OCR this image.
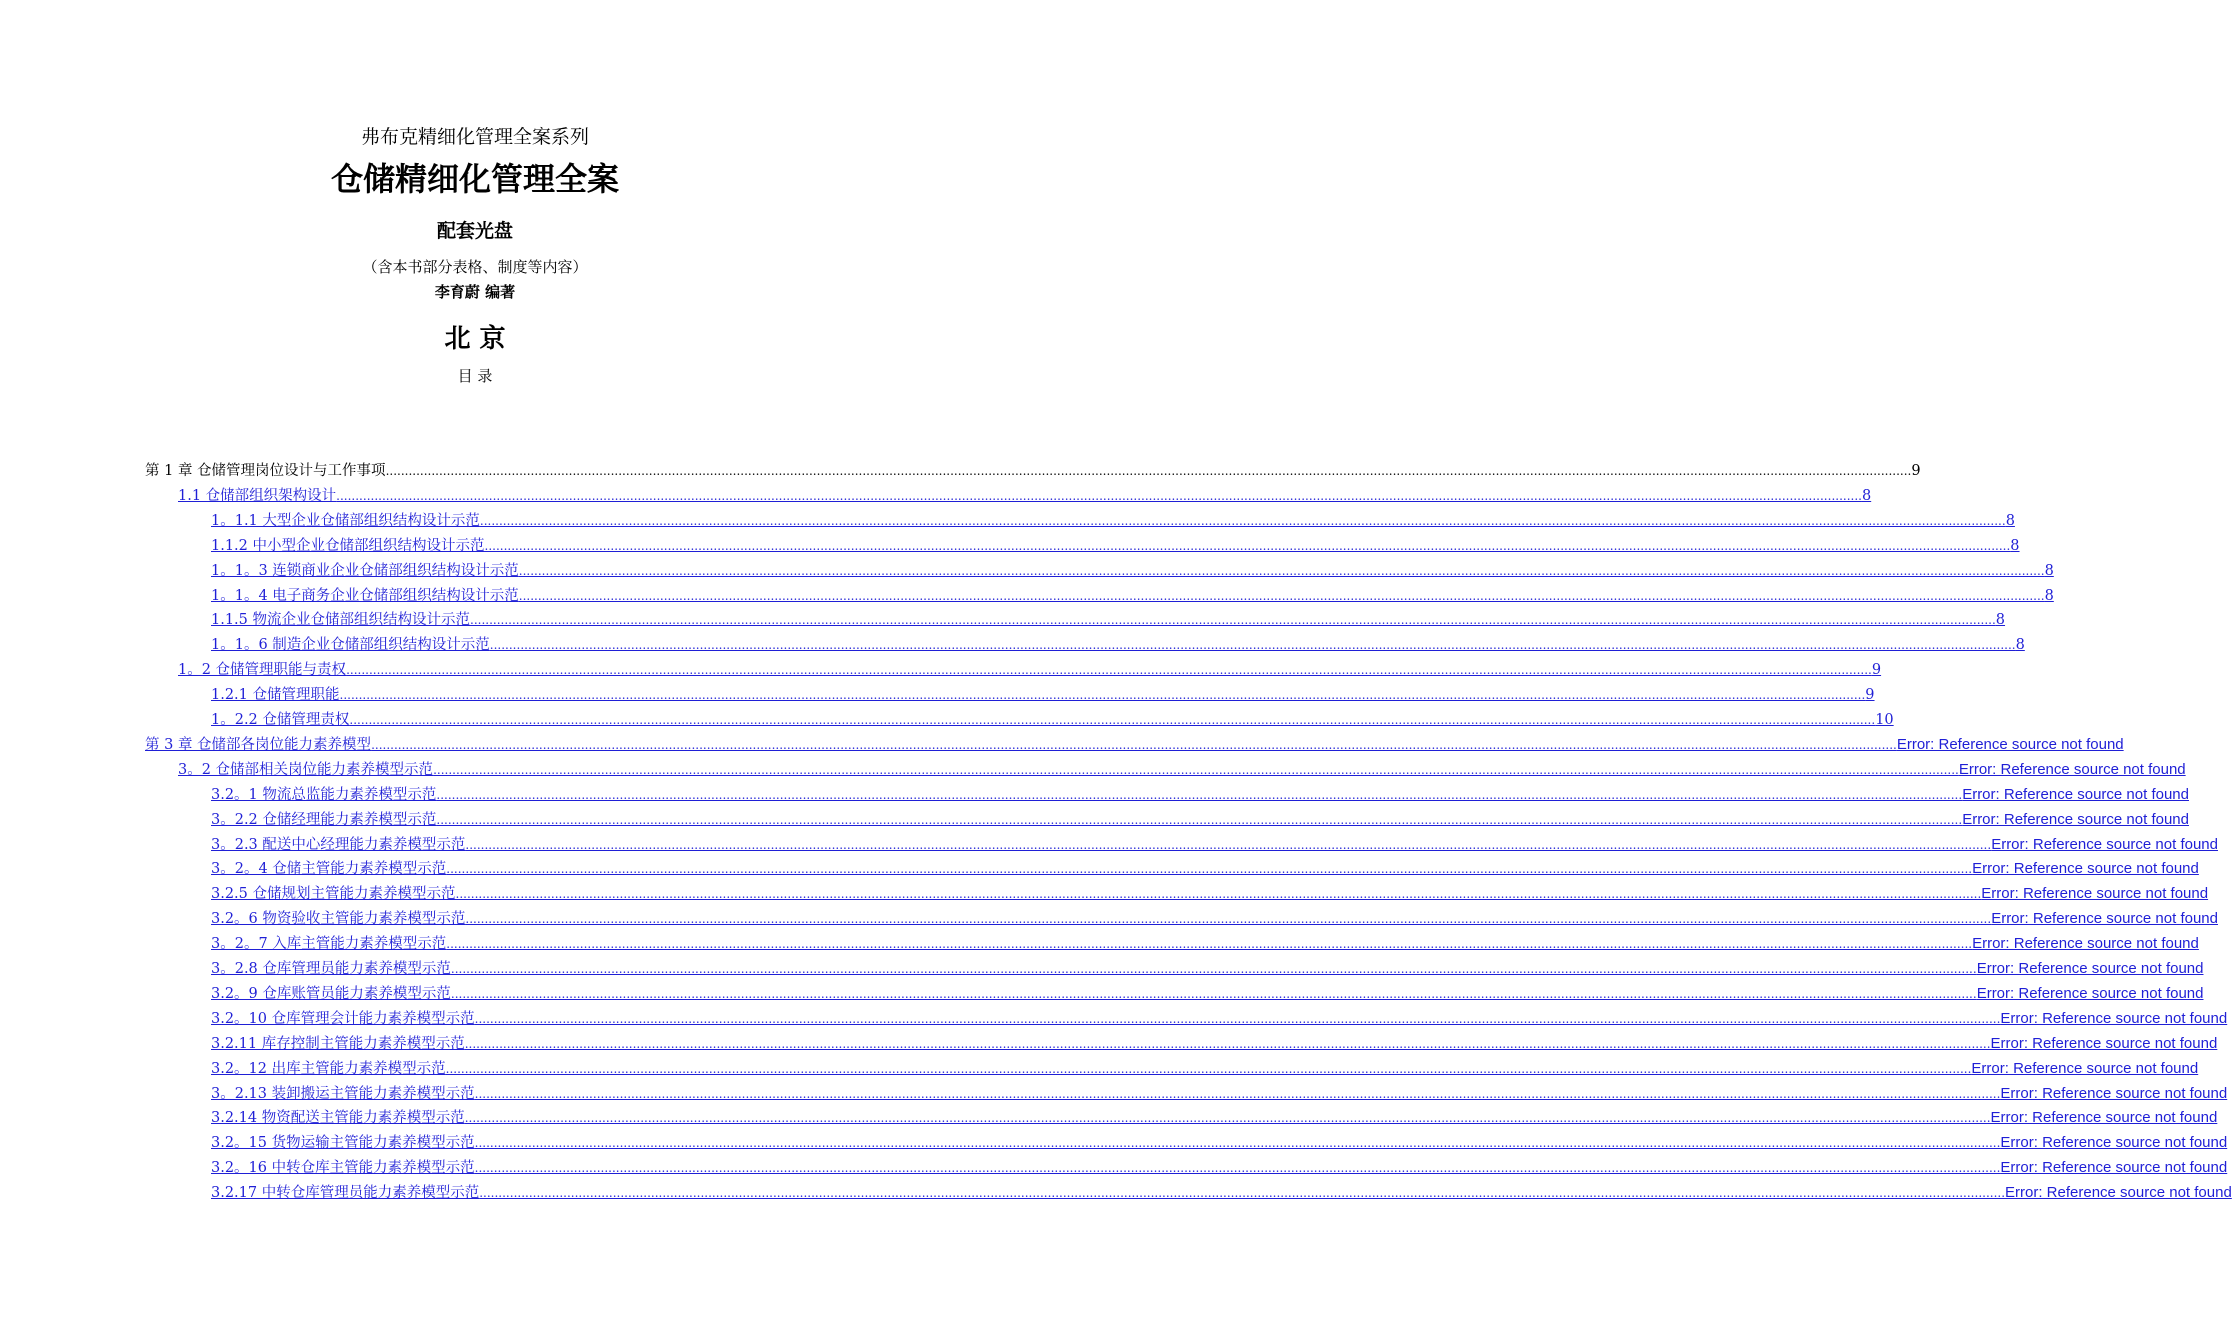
弗布克精细化管理全案系列
仓储精细化管理全案
配套光盘
（含本书部分表格、制度等内容）
李育蔚 编著
北 京
目 录
第 1 章 仓储管理岗位设计与工作事项 ................................................................................................................................................................................................................................................................................................................................................................................................................ 9
1.1 仓储部组织架构设计 ................................................................................................................................................................................................................................................................................................................................................................................................................ 8
1。1.1 大型企业仓储部组织结构设计示范 ................................................................................................................................................................................................................................................................................................................................................................................................................ 8
1.1.2 中小型企业仓储部组织结构设计示范 ................................................................................................................................................................................................................................................................................................................................................................................................................ 8
1。1。3 连锁商业企业仓储部组织结构设计示范 ................................................................................................................................................................................................................................................................................................................................................................................................................ 8
1。1。4 电子商务企业仓储部组织结构设计示范 ................................................................................................................................................................................................................................................................................................................................................................................................................ 8
1.1.5 物流企业仓储部组织结构设计示范 ................................................................................................................................................................................................................................................................................................................................................................................................................ 8
1。1。6 制造企业仓储部组织结构设计示范 ................................................................................................................................................................................................................................................................................................................................................................................................................ 8
1。2 仓储管理职能与责权 ................................................................................................................................................................................................................................................................................................................................................................................................................ 9
1.2.1 仓储管理职能 ................................................................................................................................................................................................................................................................................................................................................................................................................ 9
1。2.2 仓储管理责权 ................................................................................................................................................................................................................................................................................................................................................................................................................ 10
第 3 章 仓储部各岗位能力素养模型 ................................................................................................................................................................................................................................................................................................................................................................................................................ Error: Reference source not found
3。2 仓储部相关岗位能力素养模型示范 ................................................................................................................................................................................................................................................................................................................................................................................................................ Error: Reference source not found
3.2。1 物流总监能力素养模型示范 ................................................................................................................................................................................................................................................................................................................................................................................................................ Error: Reference source not found
3。2.2 仓储经理能力素养模型示范 ................................................................................................................................................................................................................................................................................................................................................................................................................ Error: Reference source not found
3。2.3 配送中心经理能力素养模型示范 ................................................................................................................................................................................................................................................................................................................................................................................................................ Error: Reference source not found
3。2。4 仓储主管能力素养模型示范 ................................................................................................................................................................................................................................................................................................................................................................................................................ Error: Reference source not found
3.2.5 仓储规划主管能力素养模型示范 ................................................................................................................................................................................................................................................................................................................................................................................................................ Error: Reference source not found
3.2。6 物资验收主管能力素养模型示范 ................................................................................................................................................................................................................................................................................................................................................................................................................ Error: Reference source not found
3。2。7 入库主管能力素养模型示范 ................................................................................................................................................................................................................................................................................................................................................................................................................ Error: Reference source not found
3。2.8 仓库管理员能力素养模型示范 ................................................................................................................................................................................................................................................................................................................................................................................................................ Error: Reference source not found
3.2。9 仓库账管员能力素养模型示范 ................................................................................................................................................................................................................................................................................................................................................................................................................ Error: Reference source not found
3.2。10 仓库管理会计能力素养模型示范 ................................................................................................................................................................................................................................................................................................................................................................................................................ Error: Reference source not found
3.2.11 库存控制主管能力素养模型示范 ................................................................................................................................................................................................................................................................................................................................................................................................................ Error: Reference source not found
3.2。12 出库主管能力素养模型示范 ................................................................................................................................................................................................................................................................................................................................................................................................................ Error: Reference source not found
3。2.13 装卸搬运主管能力素养模型示范 ................................................................................................................................................................................................................................................................................................................................................................................................................ Error: Reference source not found
3.2.14 物资配送主管能力素养模型示范 ................................................................................................................................................................................................................................................................................................................................................................................................................ Error: Reference source not found
3.2。15 货物运输主管能力素养模型示范 ................................................................................................................................................................................................................................................................................................................................................................................................................ Error: Reference source not found
3.2。16 中转仓库主管能力素养模型示范 ................................................................................................................................................................................................................................................................................................................................................................................................................ Error: Reference source not found
3.2.17 中转仓库管理员能力素养模型示范 ................................................................................................................................................................................................................................................................................................................................................................................................................ Error: Reference source not found
